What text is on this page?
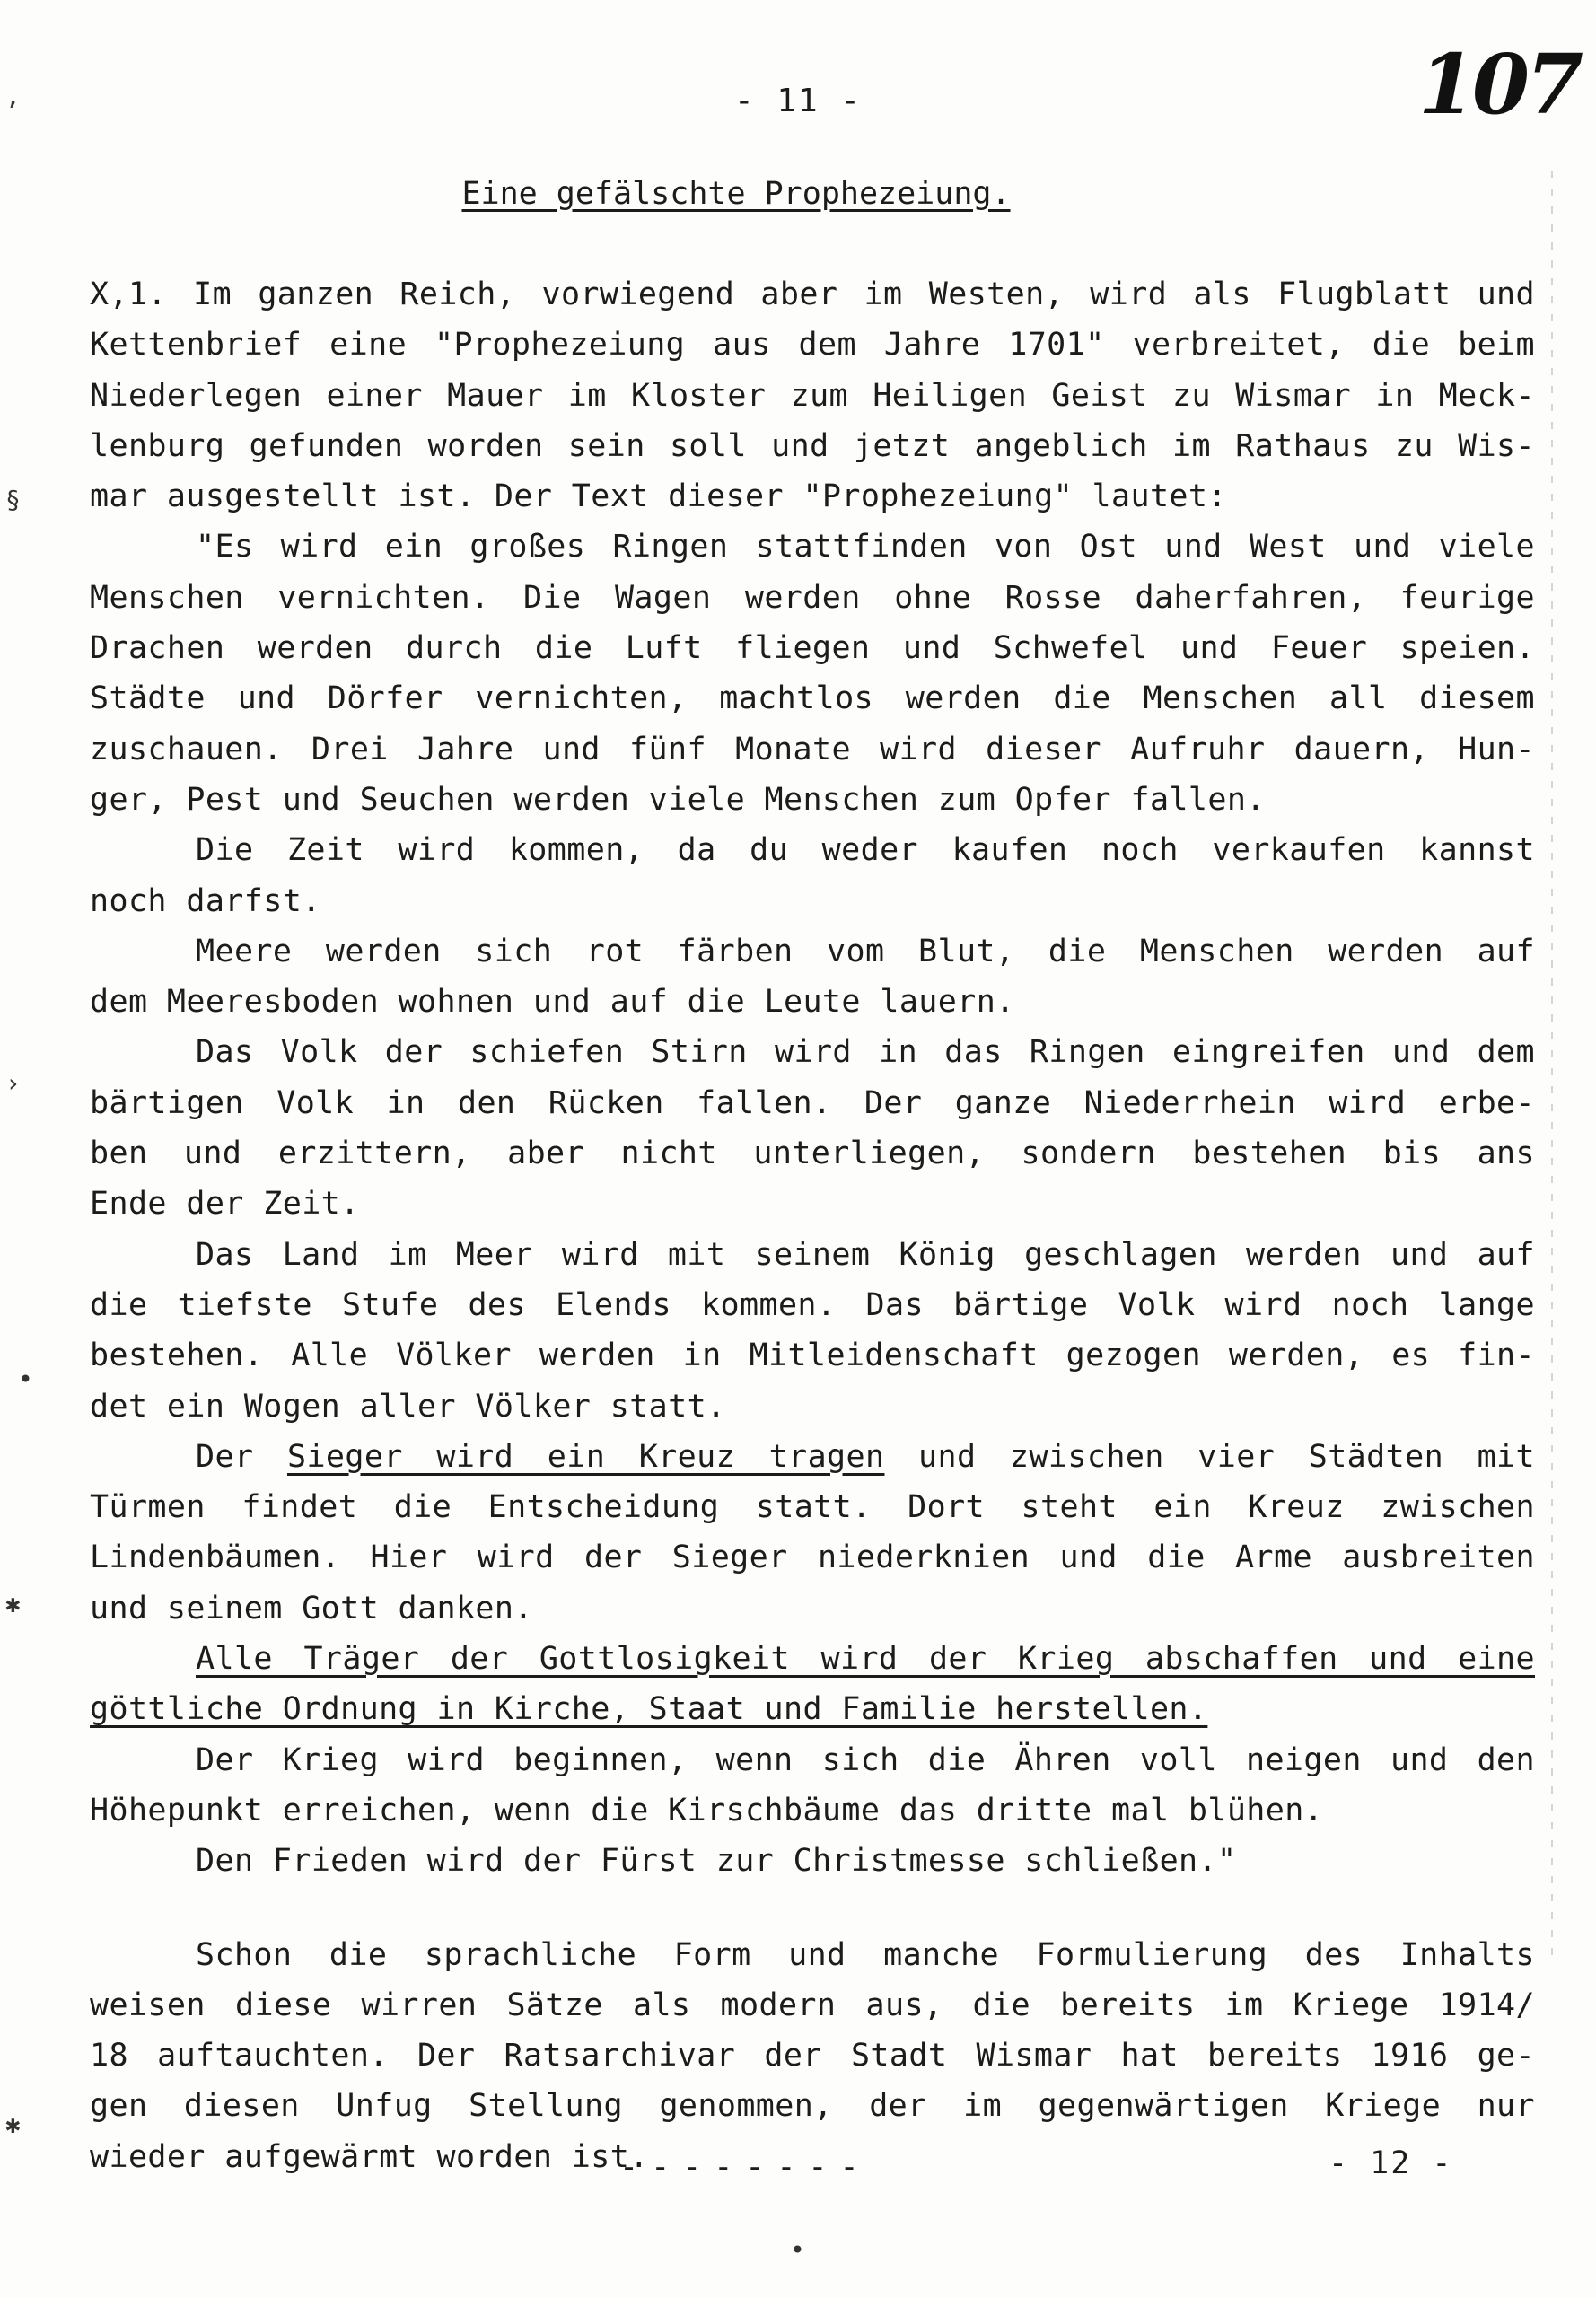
- 11 -	107
Eine gefälschte Prophezeiung.

X,1. Im ganzen Reich, vorwiegend aber im Westen, wird als Flugblatt und
Kettenbrief eine "Prophezeiung aus dem Jahre 1701" verbreitet, die beim
Niederlegen einer Mauer im Kloster zum Heiligen Geist zu Wismar in Meck-
lenburg gefunden worden sein soll und jetzt angeblich im Rathaus zu Wis-
mar ausgestellt ist. Der Text dieser "Prophezeiung" lautet:

"Es wird ein großes Ringen stattfinden von Ost und West und viele
Menschen vernichten. Die Wagen werden ohne Rosse daherfahren, feurige
Drachen werden durch die Luft fliegen und Schwefel und Feuer speien.
Städte und Dörfer vernichten, machtlos werden die Menschen all diesem
zuschauen. Drei Jahre und fünf Monate wird dieser Aufruhr dauern, Hun-
ger, Pest und Seuchen werden viele Menschen zum Opfer fallen.

Die Zeit wird kommen, da du weder kaufen noch verkaufen kannst
noch darfst.

Meere werden sich rot färben vom Blut, die Menschen werden auf
dem Meeresboden wohnen und auf die Leute lauern.

Das Volk der schiefen Stirn wird in das Ringen eingreifen und dem
bärtigen Volk in den Rücken fallen. Der ganze Niederrhein wird erbe-
ben und erzittern, aber nicht unterliegen, sondern bestehen bis ans
Ende der Zeit.

Das Land im Meer wird mit seinem König geschlagen werden und auf
die tiefste Stufe des Elends kommen. Das bärtige Volk wird noch lange
bestehen. Alle Völker werden in Mitleidenschaft gezogen werden, es fin-
det ein Wogen aller Völker statt.

Der Sieger wird ein Kreuz tragen und zwischen vier Städten mit
Türmen findet die Entscheidung statt. Dort steht ein Kreuz zwischen
Lindenbäumen. Hier wird der Sieger niederknien und die Arme ausbreiten
und seinem Gott danken.

Alle Träger der Gottlosigkeit wird der Krieg abschaffen und eine
göttliche Ordnung in Kirche, Staat und Familie herstellen.

Der Krieg wird beginnen, wenn sich die Ähren voll neigen und den
Höhepunkt erreichen, wenn die Kirschbäume das dritte mal blühen.

Den Frieden wird der Fürst zur Christmesse schließen."

Schon die sprachliche Form und manche Formulierung des Inhalts
weisen diese wirren Sätze als modern aus, die bereits im Kriege 1914/
18 auftauchten. Der Ratsarchivar der Stadt Wismar hat bereits 1916 ge-
gen diesen Unfug Stellung genommen, der im gegenwärtigen Kriege nur
wieder aufgewärmt worden ist.

--------	- 12 -
,
§
›
•
✱
✱
•
